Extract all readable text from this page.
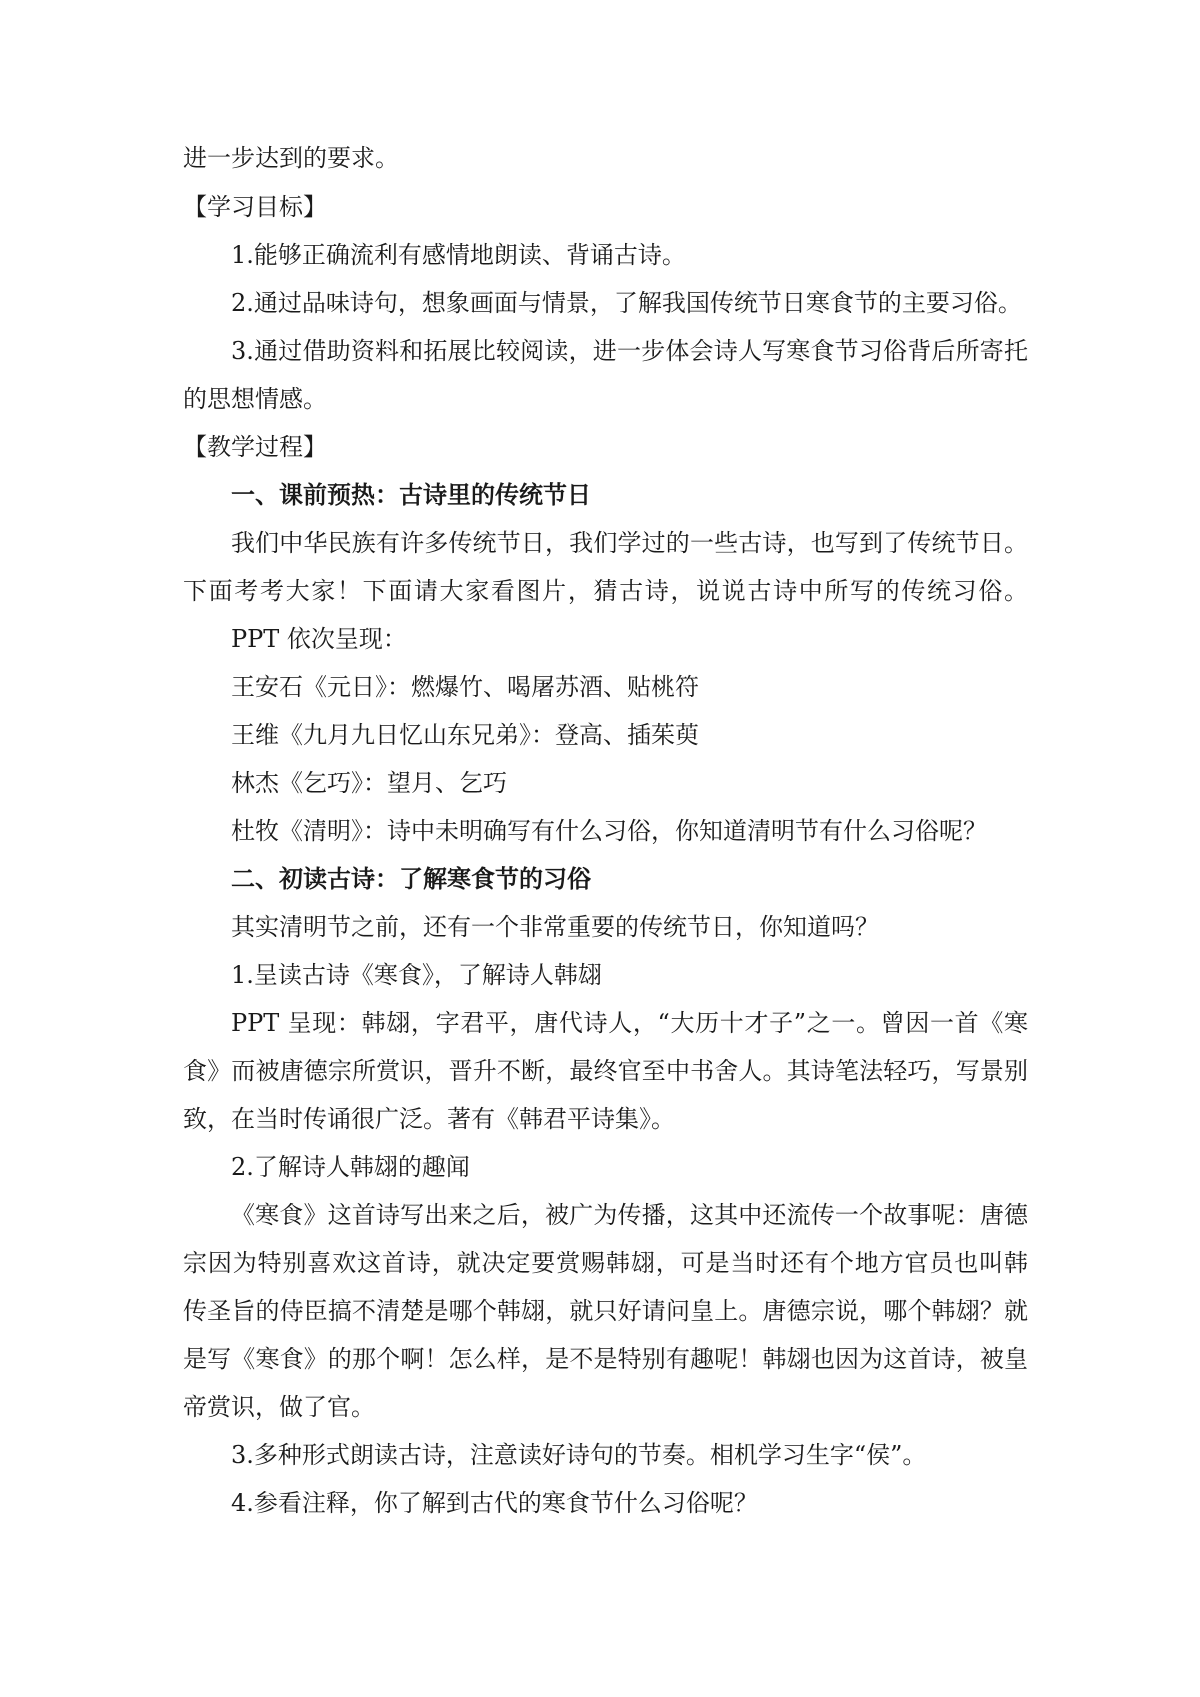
进一步达到的要求。
【学习目标】
1.能够正确流利有感情地朗读、背诵古诗。
2.通过品味诗句，想象画面与情景，了解我国传统节日寒食节的主要习俗。
3.通过借助资料和拓展比较阅读，进一步体会诗人写寒食节习俗背后所寄托
的思想情感。
【教学过程】
一、课前预热：古诗里的传统节日
我们中华民族有许多传统节日，我们学过的一些古诗，也写到了传统节日。
下面考考大家！下面请大家看图片，猜古诗，说说古诗中所写的传统习俗。
PPT 依次呈现：
王安石《元日》：燃爆竹、喝屠苏酒、贴桃符
王维《九月九日忆山东兄弟》：登高、插茱萸
林杰《乞巧》：望月、乞巧
杜牧《清明》：诗中未明确写有什么习俗，你知道清明节有什么习俗呢？
二、初读古诗：了解寒食节的习俗
其实清明节之前，还有一个非常重要的传统节日，你知道吗？
1.呈读古诗《寒食》，了解诗人韩翃
PPT 呈现：韩翃，字君平，唐代诗人，“大历十才子”之一。曾因一首《寒
食》而被唐德宗所赏识，晋升不断，最终官至中书舍人。其诗笔法轻巧，写景别
致，在当时传诵很广泛。著有《韩君平诗集》。
2.了解诗人韩翃的趣闻
《寒食》这首诗写出来之后，被广为传播，这其中还流传一个故事呢：唐德
宗因为特别喜欢这首诗，就决定要赏赐韩翃，可是当时还有个地方官员也叫韩
传圣旨的侍臣搞不清楚是哪个韩翃，就只好请问皇上。唐德宗说，哪个韩翃？就
是写《寒食》的那个啊！怎么样，是不是特别有趣呢！韩翃也因为这首诗，被皇
帝赏识，做了官。
3.多种形式朗读古诗，注意读好诗句的节奏。相机学习生字“侯”。
4.参看注释，你了解到古代的寒食节什么习俗呢？
